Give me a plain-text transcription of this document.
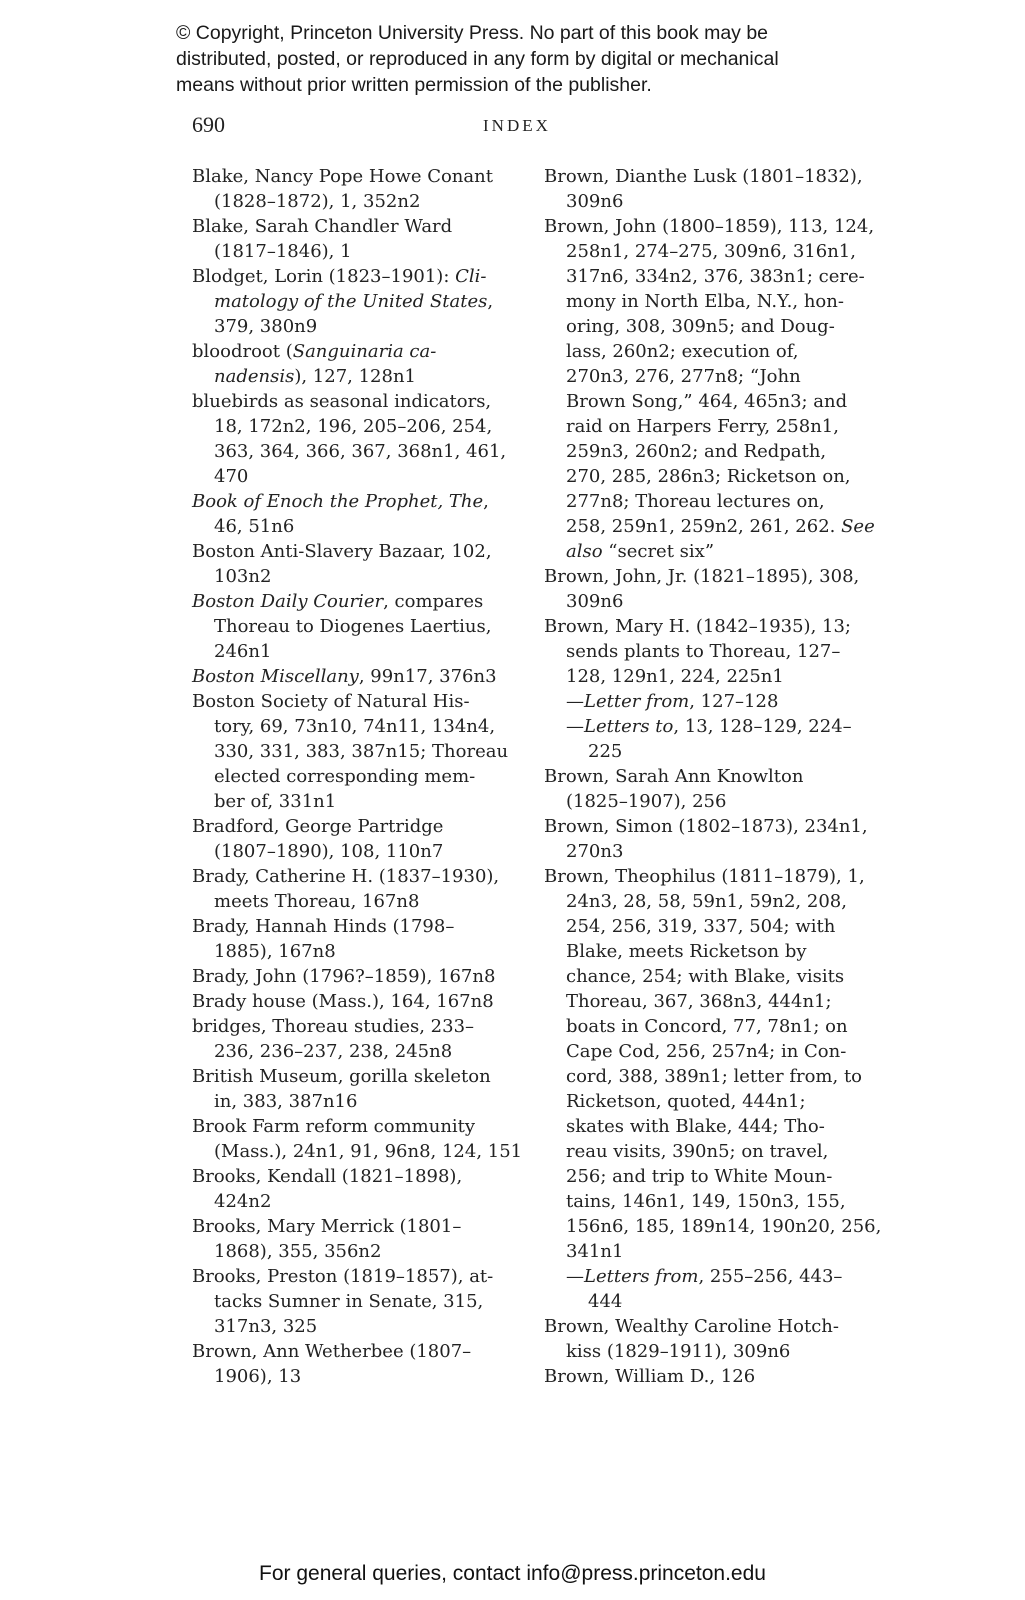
© Copyright, Princeton University Press. No part of this book may be
distributed, posted, or reproduced in any form by digital or mechanical
means without prior written permission of the publisher.
690	INDEX
Blake, Nancy Pope Howe Conant
(1828–1872), 1, 352n2
Blake, Sarah Chandler Ward
(1817–1846), 1
Blodget, Lorin (1823–1901): Cli-
matology of the United States,
379, 380n9
bloodroot (Sanguinaria ca-
nadensis), 127, 128n1
bluebirds as seasonal indicators,
18, 172n2, 196, 205–206, 254,
363, 364, 366, 367, 368n1, 461,
470
Book of Enoch the Prophet, The,
46, 51n6
Boston Anti-Slavery Bazaar, 102,
103n2
Boston Daily Courier, compares
Thoreau to Diogenes Laertius,
246n1
Boston Miscellany, 99n17, 376n3
Boston Society of Natural His-
tory, 69, 73n10, 74n11, 134n4,
330, 331, 383, 387n15; Thoreau
elected corresponding mem-
ber of, 331n1
Bradford, George Partridge
(1807–1890), 108, 110n7
Brady, Catherine H. (1837–1930),
meets Thoreau, 167n8
Brady, Hannah Hinds (1798–
1885), 167n8
Brady, John (1796?–1859), 167n8
Brady house (Mass.), 164, 167n8
bridges, Thoreau studies, 233–
236, 236–237, 238, 245n8
British Museum, gorilla skeleton
in, 383, 387n16
Brook Farm reform community
(Mass.), 24n1, 91, 96n8, 124, 151
Brooks, Kendall (1821–1898),
424n2
Brooks, Mary Merrick (1801–
1868), 355, 356n2
Brooks, Preston (1819–1857), at-
tacks Sumner in Senate, 315,
317n3, 325
Brown, Ann Wetherbee (1807–
1906), 13
Brown, Dianthe Lusk (1801–1832),
309n6
Brown, John (1800–1859), 113, 124,
258n1, 274–275, 309n6, 316n1,
317n6, 334n2, 376, 383n1; cere-
mony in North Elba, N.Y., hon-
oring, 308, 309n5; and Doug-
lass, 260n2; execution of,
270n3, 276, 277n8; “John
Brown Song,” 464, 465n3; and
raid on Harpers Ferry, 258n1,
259n3, 260n2; and Redpath,
270, 285, 286n3; Ricketson on,
277n8; Thoreau lectures on,
258, 259n1, 259n2, 261, 262. See
also “secret six”
Brown, John, Jr. (1821–1895), 308,
309n6
Brown, Mary H. (1842–1935), 13;
sends plants to Thoreau, 127–
128, 129n1, 224, 225n1
—Letter from, 127–128
—Letters to, 13, 128–129, 224–
225
Brown, Sarah Ann Knowlton
(1825–1907), 256
Brown, Simon (1802–1873), 234n1,
270n3
Brown, Theophilus (1811–1879), 1,
24n3, 28, 58, 59n1, 59n2, 208,
254, 256, 319, 337, 504; with
Blake, meets Ricketson by
chance, 254; with Blake, visits
Thoreau, 367, 368n3, 444n1;
boats in Concord, 77, 78n1; on
Cape Cod, 256, 257n4; in Con-
cord, 388, 389n1; letter from, to
Ricketson, quoted, 444n1;
skates with Blake, 444; Tho-
reau visits, 390n5; on travel,
256; and trip to White Moun-
tains, 146n1, 149, 150n3, 155,
156n6, 185, 189n14, 190n20, 256,
341n1
—Letters from, 255–256, 443–
444
Brown, Wealthy Caroline Hotch-
kiss (1829–1911), 309n6
Brown, William D., 126
For general queries, contact info@press.princeton.edu
